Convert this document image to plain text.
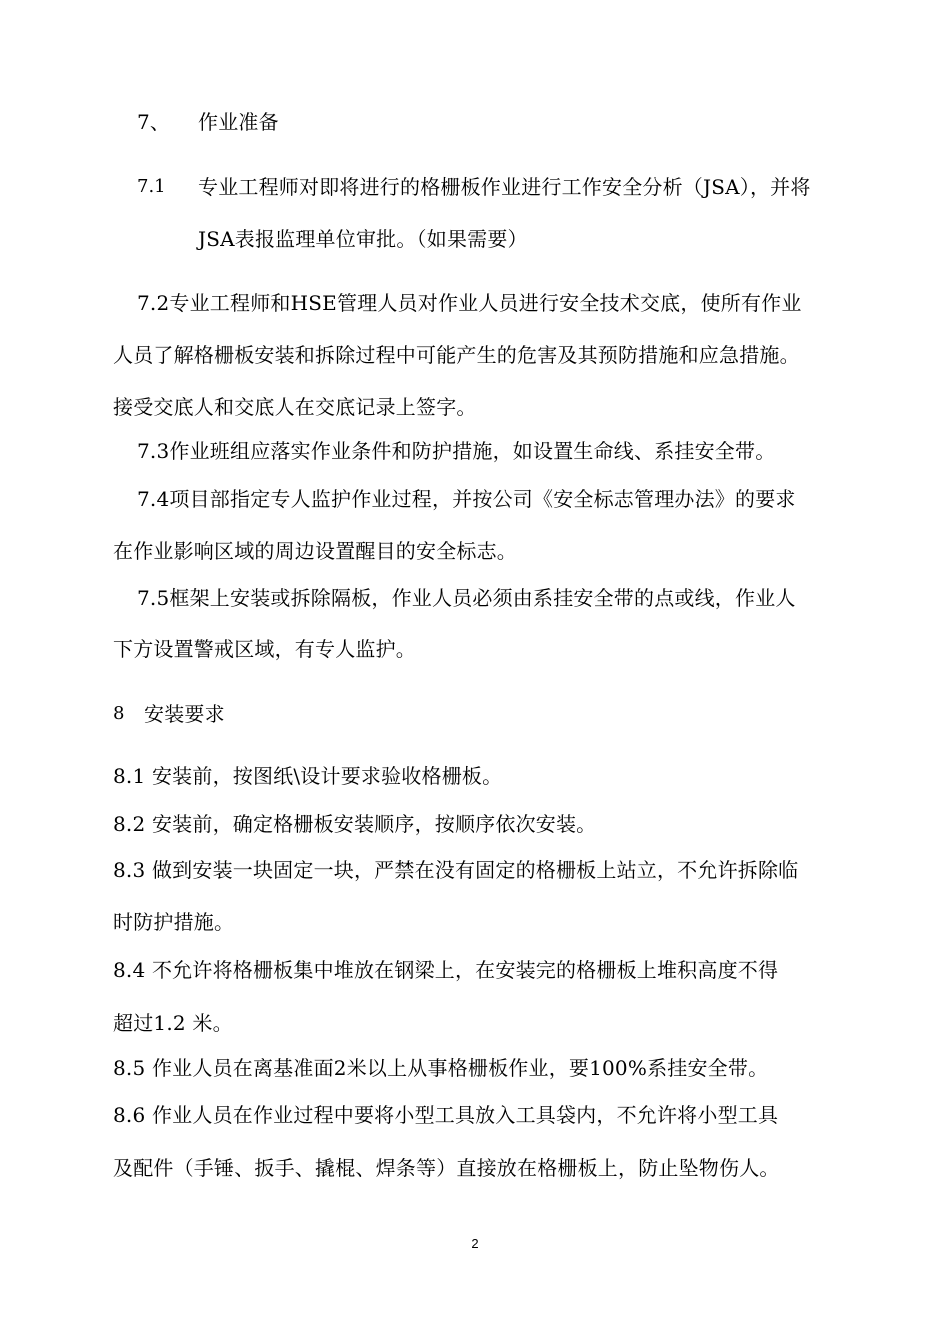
7、 作业准备
7.1 专业工程师对即将进行的格栅板作业进行工作安全分析（JSA），并将
JSA表报监理单位审批。（如果需要）
7.2专业工程师和HSE管理人员对作业人员进行安全技术交底，使所有作业
人员了解格栅板安装和拆除过程中可能产生的危害及其预防措施和应急措施。
接受交底人和交底人在交底记录上签字。
7.3作业班组应落实作业条件和防护措施，如设置生命线、系挂安全带。
7.4项目部指定专人监护作业过程，并按公司《安全标志管理办法》的要求
在作业影响区域的周边设置醒目的安全标志。
7.5框架上安装或拆除隔板，作业人员必须由系挂安全带的点或线，作业人
下方设置警戒区域，有专人监护。
8 安装要求
8.1 安装前，按图纸\设计要求验收格栅板。
8.2 安装前，确定格栅板安装顺序，按顺序依次安装。
8.3 做到安装一块固定一块，严禁在没有固定的格栅板上站立，不允许拆除临
时防护措施。
8.4 不允许将格栅板集中堆放在钢梁上，在安装完的格栅板上堆积高度不得
超过1.2 米。
8.5 作业人员在离基准面2米以上从事格栅板作业，要100%系挂安全带。
8.6 作业人员在作业过程中要将小型工具放入工具袋内，不允许将小型工具
及配件（手锤、扳手、撬棍、焊条等）直接放在格栅板上，防止坠物伤人。
2
